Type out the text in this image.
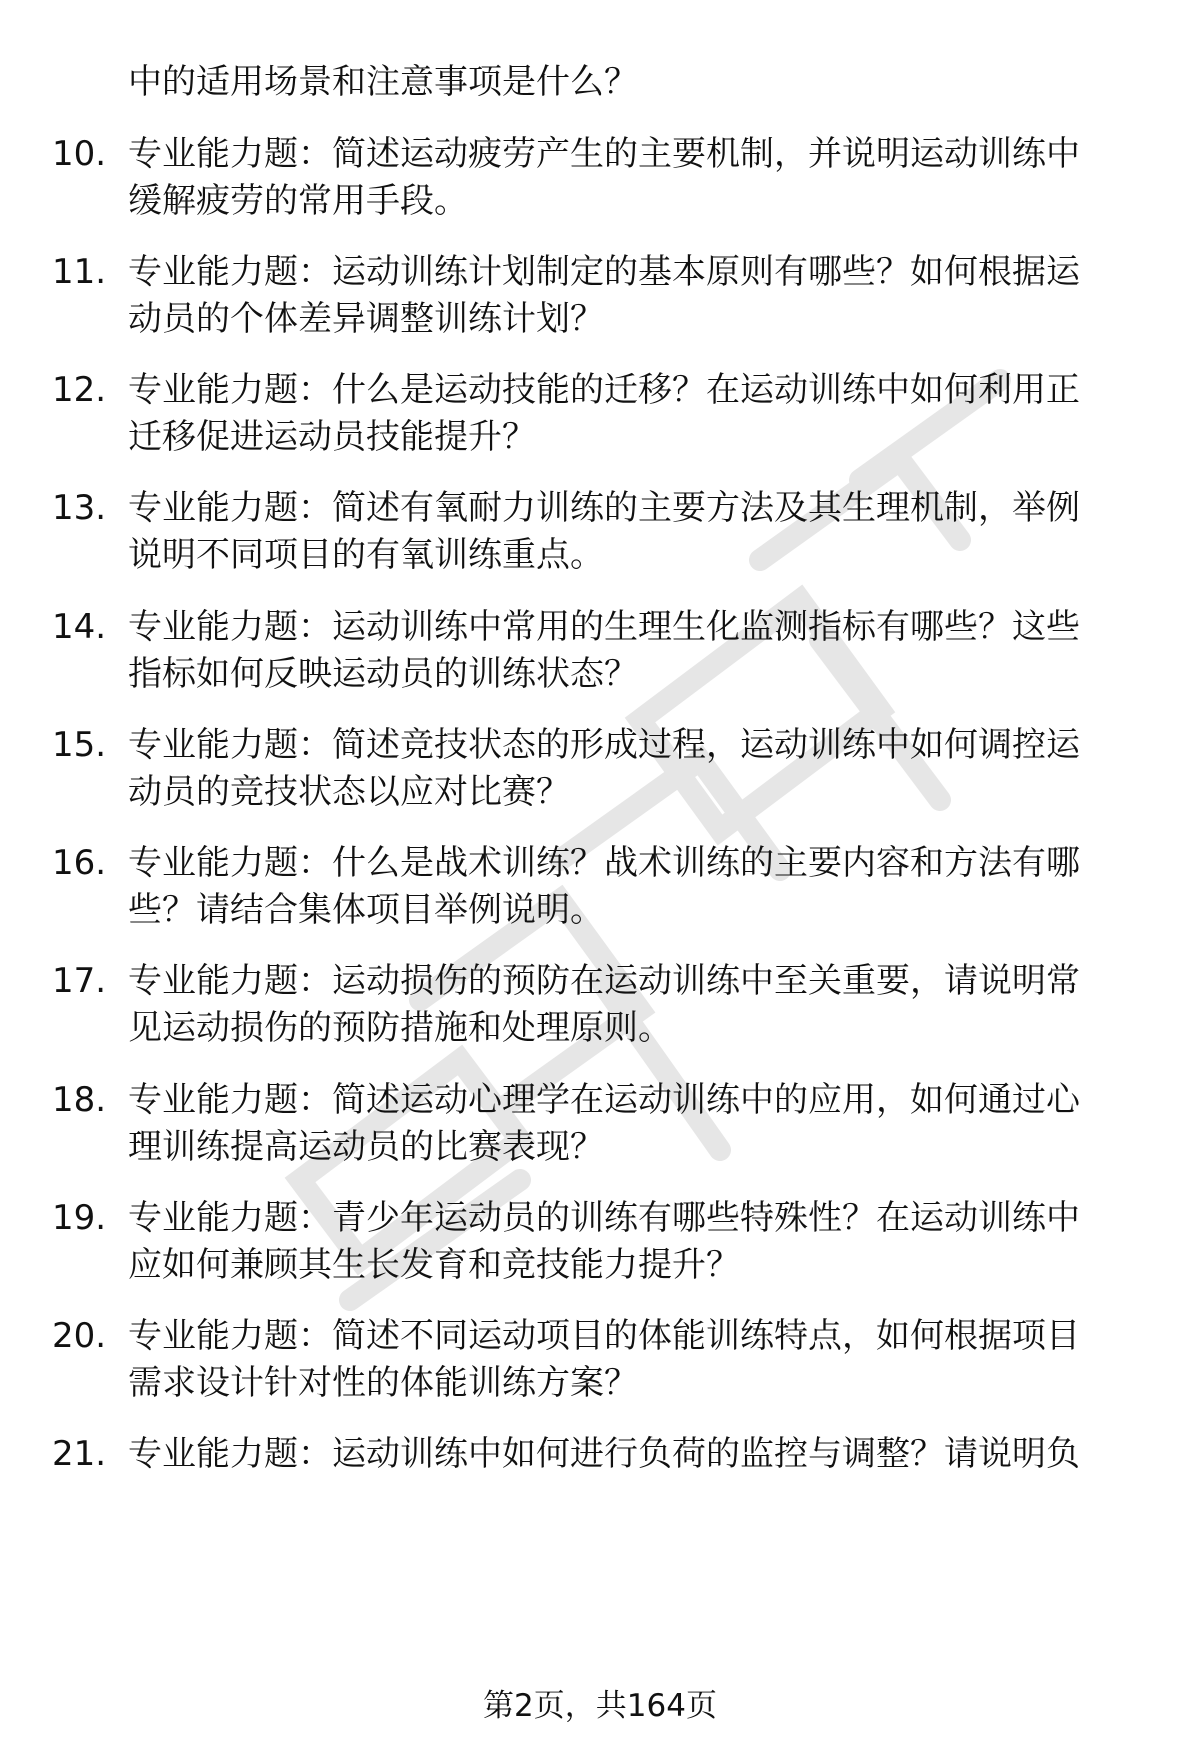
中的适用场景和注意事项是什么？
10. 专业能力题：简述运动疲劳产生的主要机制，并说明运动训练中
缓解疲劳的常用手段。
11. 专业能力题：运动训练计划制定的基本原则有哪些？如何根据运
动员的个体差异调整训练计划？
12. 专业能力题：什么是运动技能的迁移？在运动训练中如何利用正
迁移促进运动员技能提升？
13. 专业能力题：简述有氧耐力训练的主要方法及其生理机制，举例
说明不同项目的有氧训练重点。
14. 专业能力题：运动训练中常用的生理生化监测指标有哪些？这些
指标如何反映运动员的训练状态？
15. 专业能力题：简述竞技状态的形成过程，运动训练中如何调控运
动员的竞技状态以应对比赛？
16. 专业能力题：什么是战术训练？战术训练的主要内容和方法有哪
些？请结合集体项目举例说明。
17. 专业能力题：运动损伤的预防在运动训练中至关重要，请说明常
见运动损伤的预防措施和处理原则。
18. 专业能力题：简述运动心理学在运动训练中的应用，如何通过心
理训练提高运动员的比赛表现？
19. 专业能力题：青少年运动员的训练有哪些特殊性？在运动训练中
应如何兼顾其生长发育和竞技能力提升？
20. 专业能力题：简述不同运动项目的体能训练特点，如何根据项目
需求设计针对性的体能训练方案？
21. 专业能力题：运动训练中如何进行负荷的监控与调整？请说明负
第2页，共164页
